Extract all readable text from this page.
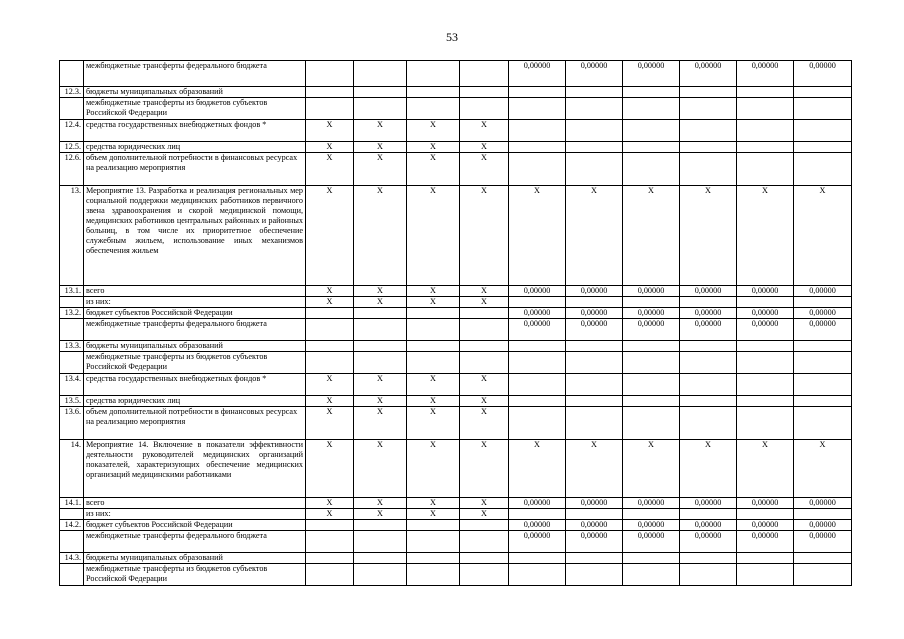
53
	межбюджетные трансферты федерального бюджета					0,00000	0,00000	0,00000	0,00000	0,00000	0,00000
12.3.	бюджеты муниципальных образований										
	межбюджетные трансферты из бюджетов субъектов Российской Федерации										
12.4.	средства государственных внебюджетных фондов *	X	X	X	X						
12.5.	средства юридических лиц	X	X	X	X						
12.6.	объем дополнительной потребности в финансовых ресурсах на реализацию мероприятия	X	X	X	X						
13.	Мероприятие 13. Разработка и реализация региональных мер социальной поддержки медицинских работников первичного звена здравоохранения и скорой медицинской помощи, медицинских работников центральных районных и районных больниц, в том числе их приоритетное обеспечение служебным жильем, использование иных механизмов обеспечения жильем	X	X	X	X	X	X	X	X	X	X
13.1.	всего	X	X	X	X	0,00000	0,00000	0,00000	0,00000	0,00000	0,00000
	из них:	X	X	X	X						
13.2.	бюджет субъектов Российской Федерации					0,00000	0,00000	0,00000	0,00000	0,00000	0,00000
	межбюджетные трансферты федерального бюджета					0,00000	0,00000	0,00000	0,00000	0,00000	0,00000
13.3.	бюджеты муниципальных образований										
	межбюджетные трансферты из бюджетов субъектов Российской Федерации										
13.4.	средства государственных внебюджетных фондов *	X	X	X	X						
13.5.	средства юридических лиц	X	X	X	X						
13.6.	объем дополнительной потребности в финансовых ресурсах на реализацию мероприятия	X	X	X	X						
14.	Мероприятие 14. Включение в показатели эффективности деятельности руководителей медицинских организаций показателей, характеризующих обеспечение медицинских организаций медицинскими работниками	X	X	X	X	X	X	X	X	X	X
14.1.	всего	X	X	X	X	0,00000	0,00000	0,00000	0,00000	0,00000	0,00000
	из них:	X	X	X	X						
14.2.	бюджет субъектов Российской Федерации					0,00000	0,00000	0,00000	0,00000	0,00000	0,00000
	межбюджетные трансферты федерального бюджета					0,00000	0,00000	0,00000	0,00000	0,00000	0,00000
14.3.	бюджеты муниципальных образований										
	межбюджетные трансферты из бюджетов субъектов Российской Федерации										
